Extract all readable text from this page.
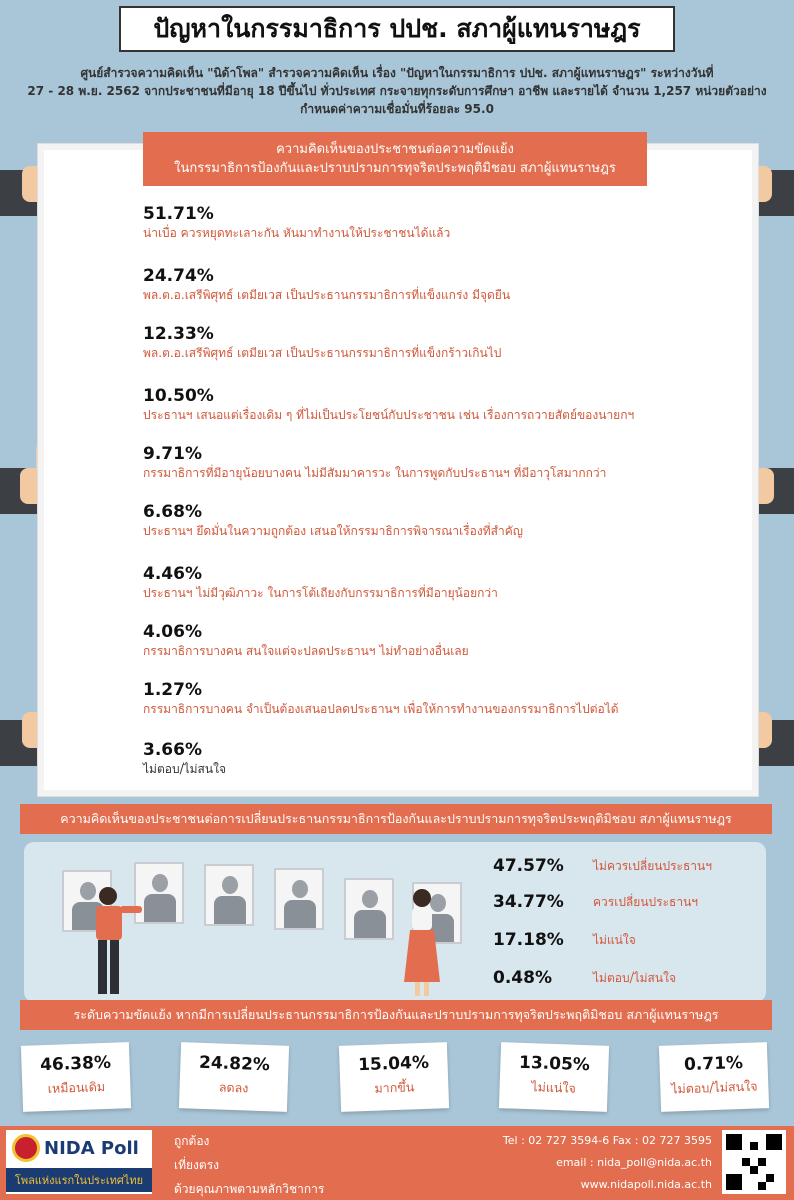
ปัญหาในกรรมาธิการ ปปช. สภาผู้แทนราษฎร
ศูนย์สำรวจความคิดเห็น "นิด้าโพล" สำรวจความคิดเห็น เรื่อง "ปัญหาในกรรมาธิการ ปปช. สภาผู้แทนราษฎร" ระหว่างวันที่
27 - 28 พ.ย. 2562 จากประชาชนที่มีอายุ 18 ปีขึ้นไป ทั่วประเทศ กระจายทุกระดับการศึกษา อาชีพ และรายได้ จำนวน 1,257 หน่วยตัวอย่าง
กำหนดค่าความเชื่อมั่นที่ร้อยละ 95.0
ความคิดเห็นของประชาชนต่อความขัดแย้ง
ในกรรมาธิการป้องกันและปราบปรามการทุจริตประพฤติมิชอบ สภาผู้แทนราษฎร
51.71%
น่าเบื่อ ควรหยุดทะเลาะกัน หันมาทำงานให้ประชาชนได้แล้ว
24.74%
พล.ต.อ.เสรีพิศุทธ์ เตมียเวส เป็นประธานกรรมาธิการที่แข็งแกร่ง มีจุดยืน
12.33%
พล.ต.อ.เสรีพิศุทธ์ เตมียเวส เป็นประธานกรรมาธิการที่แข็งกร้าวเกินไป
10.50%
ประธานฯ เสนอแต่เรื่องเดิม ๆ ที่ไม่เป็นประโยชน์กับประชาชน เช่น เรื่องการถวายสัตย์ของนายกฯ
9.71%
กรรมาธิการที่มีอายุน้อยบางคน ไม่มีสัมมาคารวะ ในการพูดกับประธานฯ ที่มีอาวุโสมากกว่า
6.68%
ประธานฯ ยึดมั่นในความถูกต้อง เสนอให้กรรมาธิการพิจารณาเรื่องที่สำคัญ
4.46%
ประธานฯ ไม่มีวุฒิภาวะ ในการโต้เถียงกับกรรมาธิการที่มีอายุน้อยกว่า
4.06%
กรรมาธิการบางคน สนใจแต่จะปลดประธานฯ ไม่ทำอย่างอื่นเลย
1.27%
กรรมาธิการบางคน จำเป็นต้องเสนอปลดประธานฯ เพื่อให้การทำงานของกรรมาธิการไปต่อได้
3.66%
ไม่ตอบ/ไม่สนใจ
ความคิดเห็นของประชาชนต่อการเปลี่ยนประธานกรรมาธิการป้องกันและปราบปรามการทุจริตประพฤติมิชอบ สภาผู้แทนราษฎร
47.57%	ไม่ควรเปลี่ยนประธานฯ
34.77%	ควรเปลี่ยนประธานฯ
17.18%	ไม่แน่ใจ
0.48%	ไม่ตอบ/ไม่สนใจ
ระดับความขัดแย้ง หากมีการเปลี่ยนประธานกรรมาธิการป้องกันและปราบปรามการทุจริตประพฤติมิชอบ สภาผู้แทนราษฎร
46.38%
เหมือนเดิม
24.82%
ลดลง
15.04%
มากขึ้น
13.05%
ไม่แน่ใจ
0.71%
ไม่ตอบ/ไม่สนใจ
NIDA Poll
โพลแห่งแรกในประเทศไทย
ถูกต้อง
เที่ยงตรง
ด้วยคุณภาพตามหลักวิชาการ
Tel : 02 727 3594-6 Fax : 02 727 3595
email : nida_poll@nida.ac.th
www.nidapoll.nida.ac.th
